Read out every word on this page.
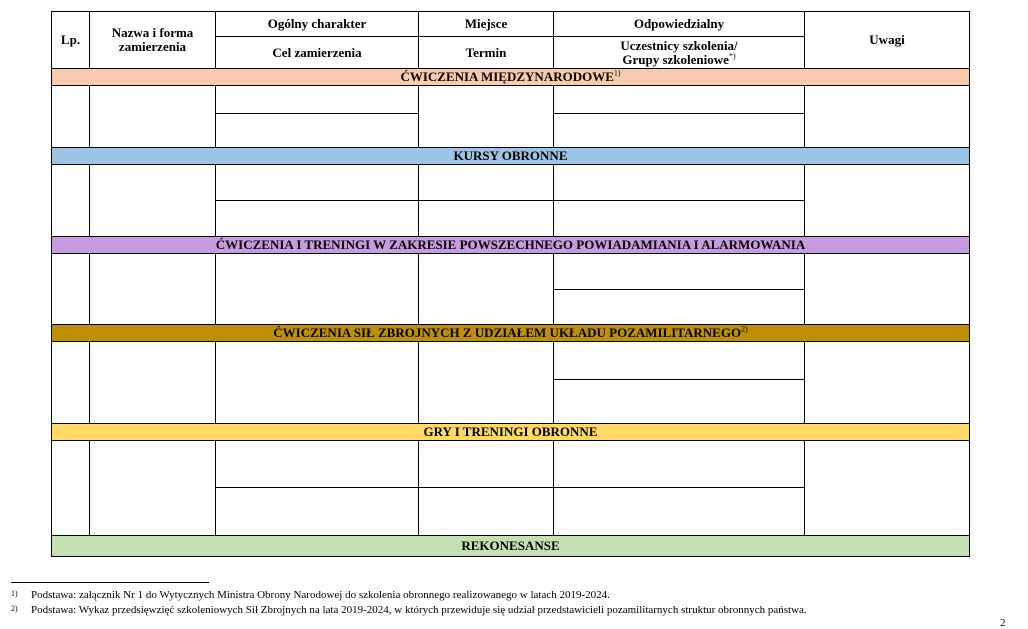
Lp.	Nazwa i forma zamierzenia	Ogólny charakter	Miejsce	Odpowiedzialny	Uwagi
		Cel zamierzenia	Termin	Uczestnicy szkolenia/
Grupy szkoleniowe*)
ĆWICZENIA MIĘDZYNARODOWE$^{1)}$

KURSY OBRONNE					

ĆWICZENIA I TRENINGI W ZAKRESIE POWSZECHNEGO POWIADAMIANIA I ALARMOWANIA					

ĆWICZENIA SIŁ ZBROJNYCH Z UDZIAŁEM UKŁADU POZAMILITARNEGO$^{2)}$

GRY I TRENINGI OBRONNE					

REKONESANSE					
1) Podstawa: załącznik Nr 1 do Wytycznych Ministra Obrony Narodowej do szkolenia obronnego realizowanego w latach 2019-2024.
2) Podstawa: Wykaz przedsięwzięć szkoleniowych Sił Zbrojnych na lata 2019-2024, w których przewiduje się udział przedstawicieli pozamilitarnych struktur obronnych państwa.
2
